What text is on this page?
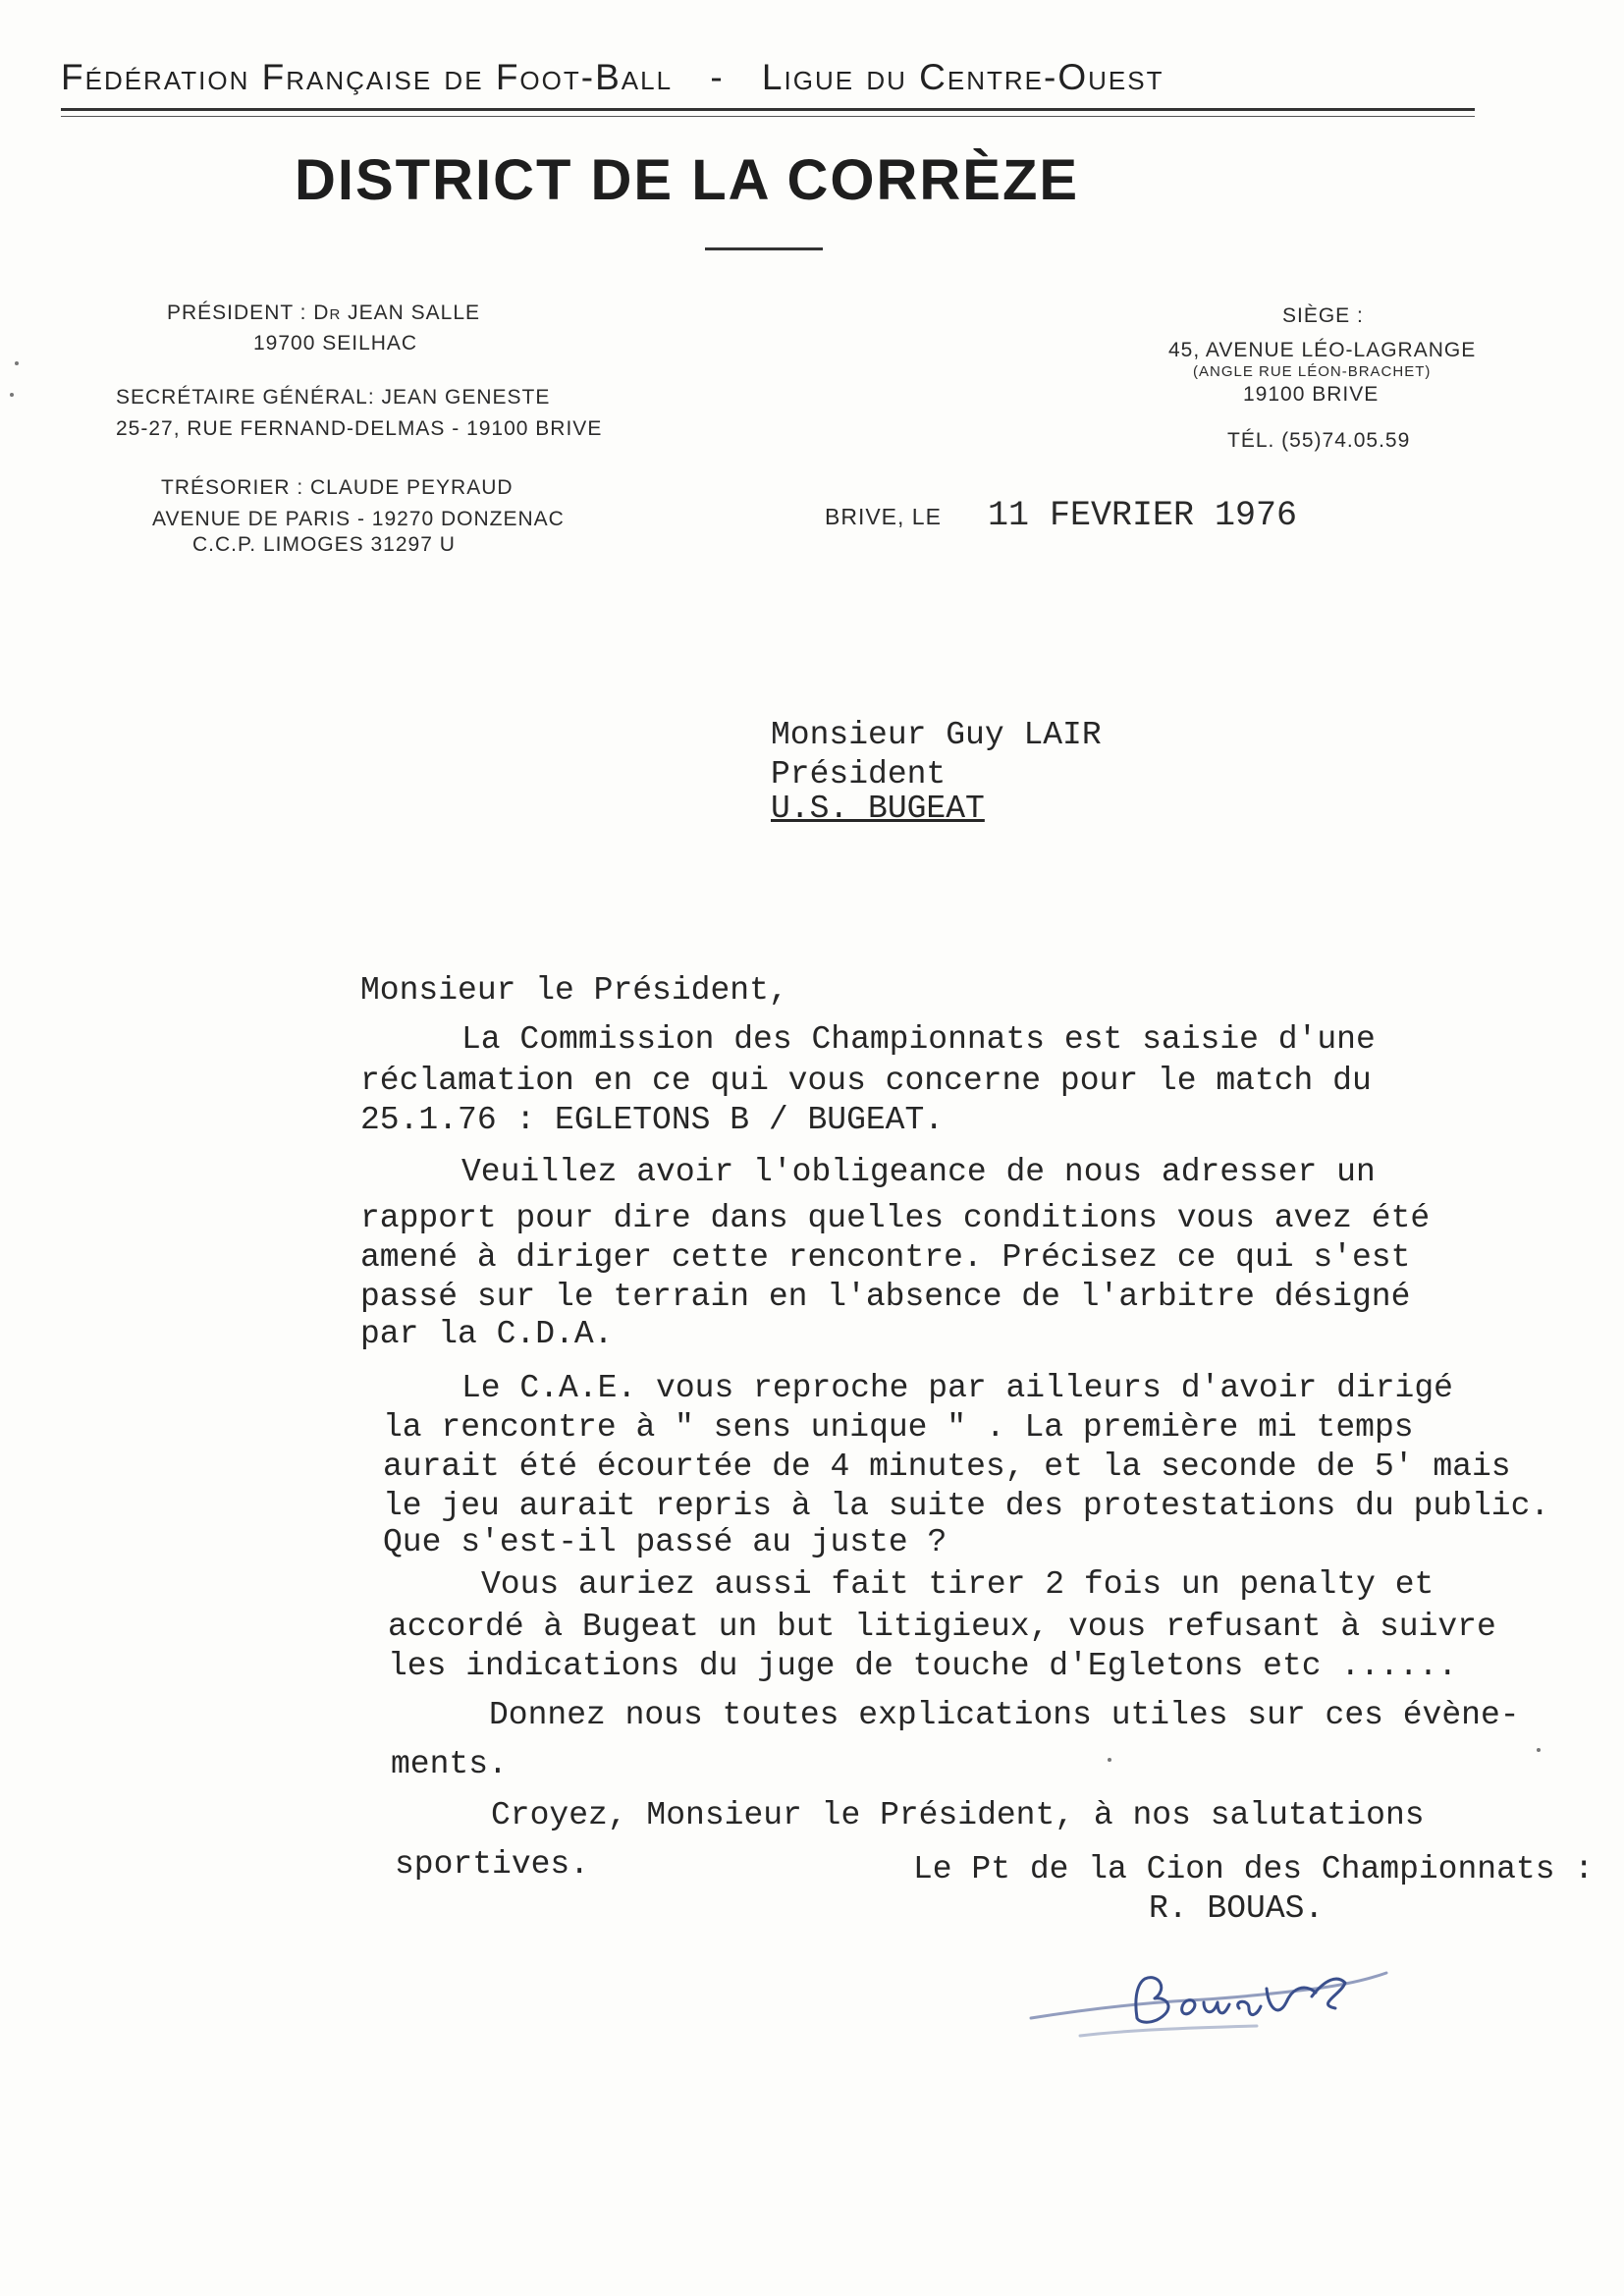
Fédération Française de Foot-Ball - Ligue du Centre-Ouest
DISTRICT DE LA CORRÈZE
PRÉSIDENT : Dr JEAN SALLE
19700 SEILHAC
SECRÉTAIRE GÉNÉRAL: JEAN GENESTE
25-27, RUE FERNAND-DELMAS - 19100 BRIVE
TRÉSORIER : CLAUDE PEYRAUD
AVENUE DE PARIS - 19270 DONZENAC
C.C.P. LIMOGES 31297 U
SIÈGE :
45, AVENUE LÉO-LAGRANGE
(ANGLE RUE LÉON-BRACHET)
19100 BRIVE
TÉL. (55)74.05.59
BRIVE, LE 11 FEVRIER 1976
Monsieur Guy LAIR
Président
U.S. BUGEAT
Monsieur le Président,
La Commission des Championnats est saisie d'une
réclamation en ce qui vous concerne pour le match du
25.1.76 : EGLETONS B / BUGEAT.
Veuillez avoir l'obligeance de nous adresser un
rapport pour dire dans quelles conditions vous avez été
amené à diriger cette rencontre. Précisez ce qui s'est
passé sur le terrain en l'absence de l'arbitre désigné
par la C.D.A.
Le C.A.E. vous reproche par ailleurs d'avoir dirigé
la rencontre à " sens unique " . La première mi temps
aurait été écourtée de 4 minutes, et la seconde de 5' mais
le jeu aurait repris à la suite des protestations du public.
Que s'est-il passé au juste ?
Vous auriez aussi fait tirer 2 fois un penalty et
accordé à Bugeat un but litigieux, vous refusant à suivre
les indications du juge de touche d'Egletons etc ......
Donnez nous toutes explications utiles sur ces évène-
ments.
Croyez, Monsieur le Président, à nos salutations
sportives.	Le Pt de la Cion des Championnats :
R. BOUAS.
